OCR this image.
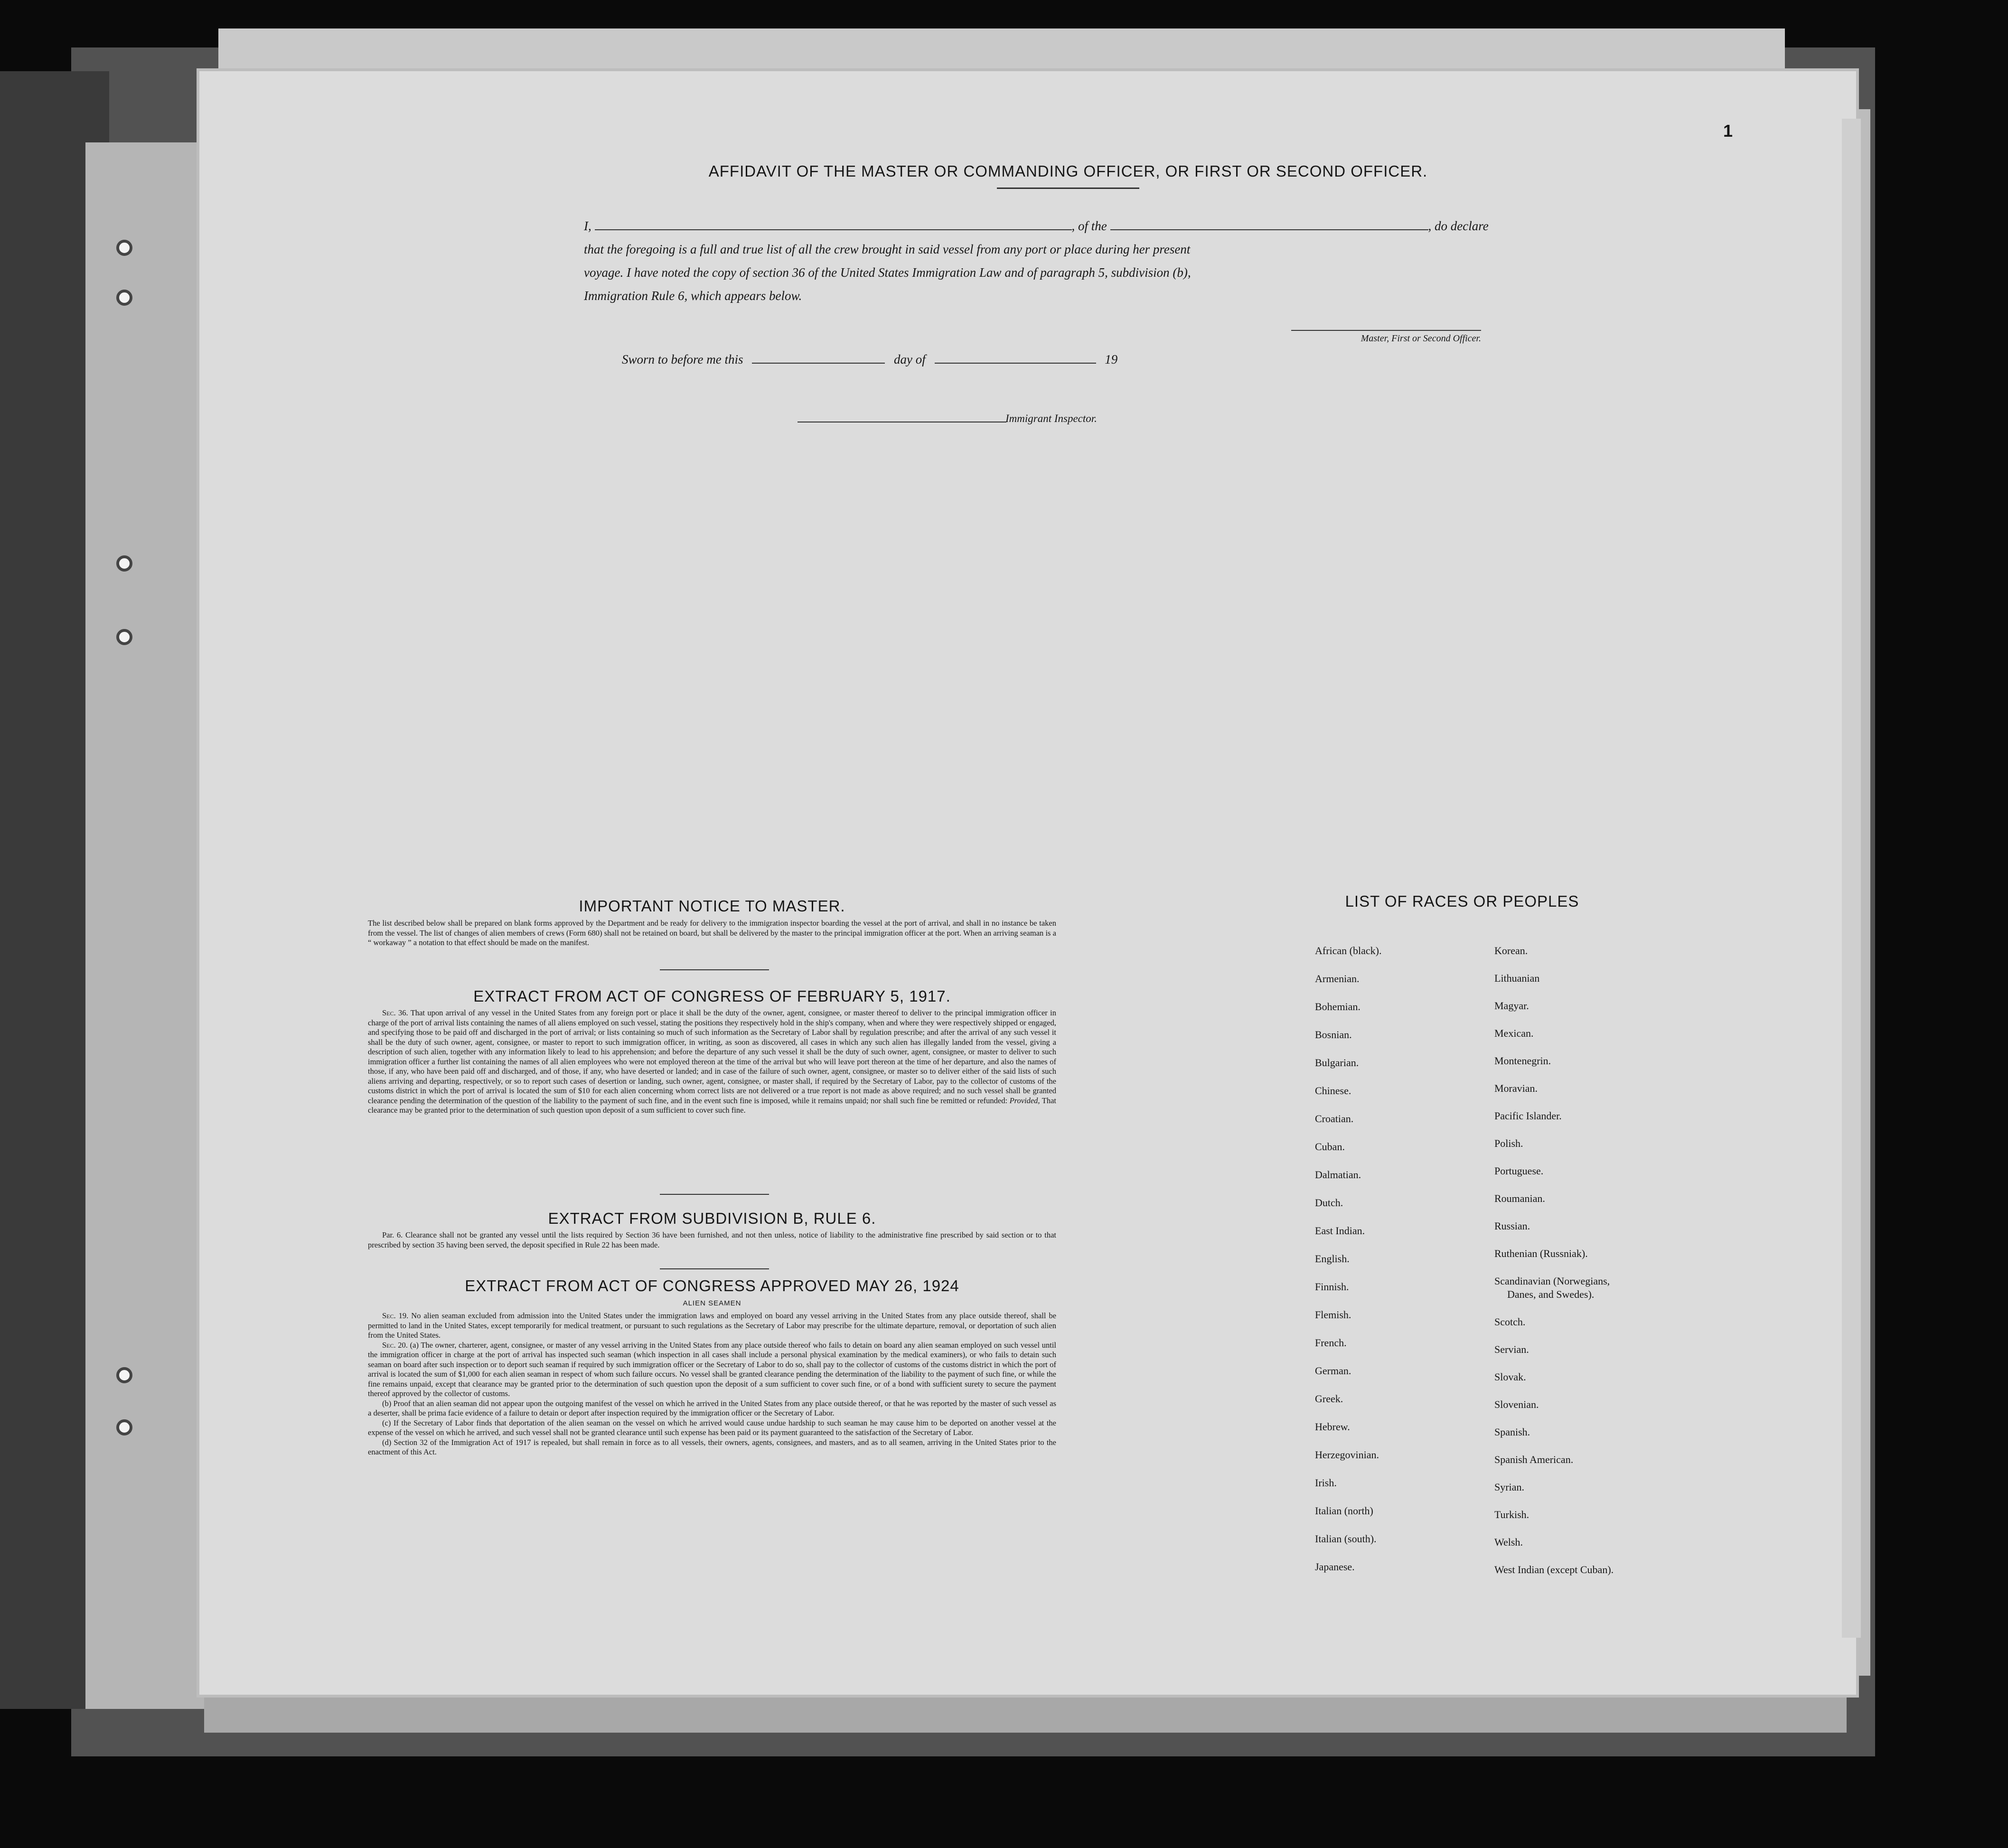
1
AFFIDAVIT OF THE MASTER OR COMMANDING OFFICER, OR FIRST OR SECOND OFFICER.
I,	, of the	, do declare
that the foregoing is a full and true list of all the crew brought in said vessel from any port or place during her present
voyage. I have noted the copy of section 36 of the United States Immigration Law and of paragraph 5, subdivision (b),
Immigration Rule 6, which appears below.
Master, First or Second Officer.
Sworn to before me this	day of	19
Immigrant Inspector.
IMPORTANT NOTICE TO MASTER.
The list described below shall be prepared on blank forms approved by the Department and be ready for delivery to the immigration inspector boarding the vessel at the port of arrival, and shall in no instance be taken from the vessel. The list of changes of alien members of crews (Form 680) shall not be retained on board, but shall be delivered by the master to the principal immigration officer at the port. When an arriving seaman is a “ workaway ” a notation to that effect should be made on the manifest.
EXTRACT FROM ACT OF CONGRESS OF FEBRUARY 5, 1917.
Sec. 36. That upon arrival of any vessel in the United States from any foreign port or place it shall be the duty of the owner, agent, consignee, or master thereof to deliver to the principal immigration officer in charge of the port of arrival lists containing the names of all aliens employed on such vessel, stating the positions they respectively hold in the ship's company, when and where they were respectively shipped or engaged, and specifying those to be paid off and discharged in the port of arrival; or lists containing so much of such information as the Secretary of Labor shall by regulation prescribe; and after the arrival of any such vessel it shall be the duty of such owner, agent, consignee, or master to report to such immigration officer, in writing, as soon as discovered, all cases in which any such alien has illegally landed from the vessel, giving a description of such alien, together with any information likely to lead to his apprehension; and before the departure of any such vessel it shall be the duty of such owner, agent, consignee, or master to deliver to such immigration officer a further list containing the names of all alien employees who were not employed thereon at the time of the arrival but who will leave port thereon at the time of her departure, and also the names of those, if any, who have been paid off and discharged, and of those, if any, who have deserted or landed; and in case of the failure of such owner, agent, consignee, or master so to deliver either of the said lists of such aliens arriving and departing, respectively, or so to report such cases of desertion or landing, such owner, agent, consignee, or master shall, if required by the Secretary of Labor, pay to the collector of customs of the customs district in which the port of arrival is located the sum of $10 for each alien concerning whom correct lists are not delivered or a true report is not made as above required; and no such vessel shall be granted clearance pending the determination of the question of the liability to the payment of such fine, and in the event such fine is imposed, while it remains unpaid; nor shall such fine be remitted or refunded: Provided, That clearance may be granted prior to the determination of such question upon deposit of a sum sufficient to cover such fine.
EXTRACT FROM SUBDIVISION B, RULE 6.
Par. 6. Clearance shall not be granted any vessel until the lists required by Section 36 have been furnished, and not then unless, notice of liability to the administrative fine prescribed by said section or to that prescribed by section 35 having been served, the deposit specified in Rule 22 has been made.
EXTRACT FROM ACT OF CONGRESS APPROVED MAY 26, 1924
ALIEN SEAMEN
Sec. 19. No alien seaman excluded from admission into the United States under the immigration laws and employed on board any vessel arriving in the United States from any place outside thereof, shall be permitted to land in the United States, except temporarily for medical treatment, or pursuant to such regulations as the Secretary of Labor may prescribe for the ultimate departure, removal, or deportation of such alien from the United States.
Sec. 20. (a) The owner, charterer, agent, consignee, or master of any vessel arriving in the United States from any place outside thereof who fails to detain on board any alien seaman employed on such vessel until the immigration officer in charge at the port of arrival has inspected such seaman (which inspection in all cases shall include a personal physical examination by the medical examiners), or who fails to detain such seaman on board after such inspection or to deport such seaman if required by such immigration officer or the Secretary of Labor to do so, shall pay to the collector of customs of the customs district in which the port of arrival is located the sum of $1,000 for each alien seaman in respect of whom such failure occurs. No vessel shall be granted clearance pending the determination of the liability to the payment of such fine, or while the fine remains unpaid, except that clearance may be granted prior to the determination of such question upon the deposit of a sum sufficient to cover such fine, or of a bond with sufficient surety to secure the payment thereof approved by the collector of customs.
(b) Proof that an alien seaman did not appear upon the outgoing manifest of the vessel on which he arrived in the United States from any place outside thereof, or that he was reported by the master of such vessel as a deserter, shall be prima facie evidence of a failure to detain or deport after inspection required by the immigration officer or the Secretary of Labor.
(c) If the Secretary of Labor finds that deportation of the alien seaman on the vessel on which he arrived would cause undue hardship to such seaman he may cause him to be deported on another vessel at the expense of the vessel on which he arrived, and such vessel shall not be granted clearance until such expense has been paid or its payment guaranteed to the satisfaction of the Secretary of Labor.
(d) Section 32 of the Immigration Act of 1917 is repealed, but shall remain in force as to all vessels, their owners, agents, consignees, and masters, and as to all seamen, arriving in the United States prior to the enactment of this Act.
LIST OF RACES OR PEOPLES
African (black).
Armenian.
Bohemian.
Bosnian.
Bulgarian.
Chinese.
Croatian.
Cuban.
Dalmatian.
Dutch.
East Indian.
English.
Finnish.
Flemish.
French.
German.
Greek.
Hebrew.
Herzegovinian.
Irish.
Italian (north)
Italian (south).
Japanese.
Korean.
Lithuanian
Magyar.
Mexican.
Montenegrin.
Moravian.
Pacific Islander.
Polish.
Portuguese.
Roumanian.
Russian.
Ruthenian (Russniak).
Scandinavian (Norwegians,
Danes, and Swedes).
Scotch.
Servian.
Slovak.
Slovenian.
Spanish.
Spanish American.
Syrian.
Turkish.
Welsh.
West Indian (except Cuban).
